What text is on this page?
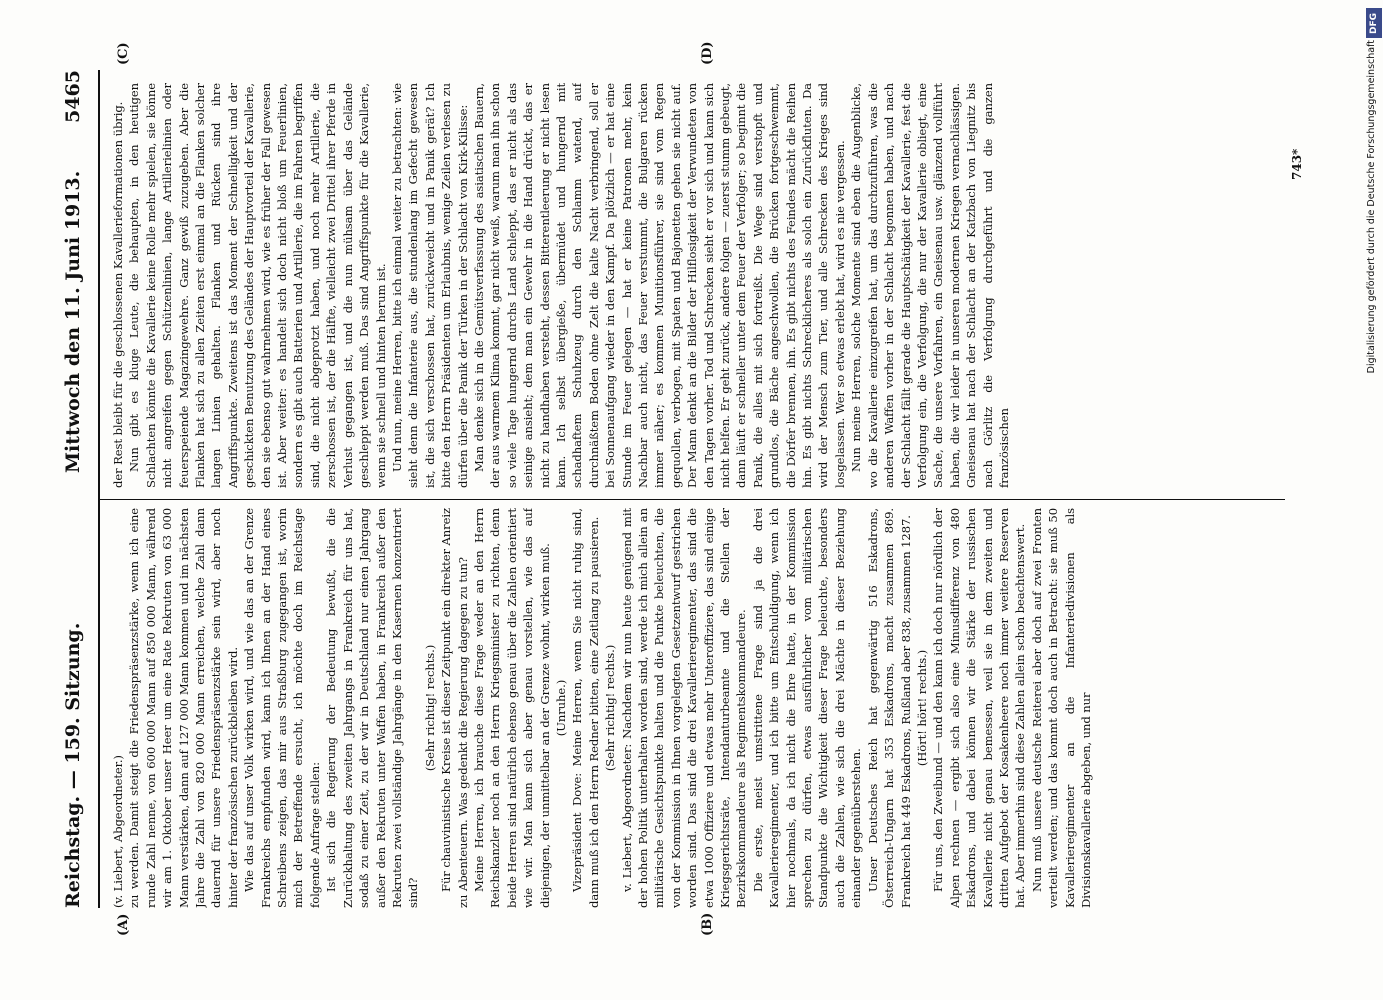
Reichstag. — 159. Sitzung.
Mittwoch den 11. Juni 1913.
5465
(A)	(B)
(C)	(D)

(v. Liebert, Abgeordneter.) zu werden. Damit steigt die Friedenspräsenzstärke, wenn ich eine runde Zahl nenne, von 600 000 Mann auf 850 000 Mann, während wir am 1. Oktober unser Heer um eine Rate Rekruten von 63 000 Mann verstärken, dann auf 127 000 Mann kommen und im nächsten Jahre die Zahl von 820 000 Mann erreichen, welche Zahl dann dauernd für unsere Friedenspräsenzstärke sein wird, aber noch hinter der französischen zurückbleiben wird. Wie das auf unser Volk wirken wird, und wie das an der Grenze Frankreichs empfunden wird, kann ich Ihnen an der Hand eines Schreibens zeigen, das mir aus Straßburg zugegangen ist, worin mich der Betreffende ersucht, ich möchte doch im Reichstage folgende Anfrage stellen: Ist sich die Regierung der Bedeutung bewußt, die die Zurückhaltung des zweiten Jahrgangs in Frankreich für uns hat, sodaß zu einer Zeit, zu der wir in Deutschland nur einen Jahrgang außer den Rekruten unter Waffen haben, in Frankreich außer den Rekruten zwei vollständige Jahrgänge in den Kasernen konzentriert sind?

(Sehr richtig! rechts.) Für chauvinistische Kreise ist dieser Zeitpunkt ein direkter Anreiz zu Abenteuern. Was gedenkt die Regierung dagegen zu tun? Meine Herren, ich brauche diese Frage weder an den Herrn Reichskanzler noch an den Herrn Kriegsminister zu richten, denn beide Herren sind natürlich ebenso genau über die Zahlen orientiert wie wir. Man kann sich aber genau vorstellen, wie das auf diejenigen, der unmittelbar an der Grenze wohnt, wirken muß. (Unruhe.) Vizepräsident Dove: Meine Herren, wenn Sie nicht ruhig sind, dann muß ich den Herrn Redner bitten, eine Zeitlang zu pausieren. (Sehr richtig! rechts.) v. Liebert, Abgeordneter: Nachdem wir nun heute genügend mit der hohen Politik unterhalten worden sind, werde ich mich allein an militärische Gesichtspunkte halten und die Punkte beleuchten, die von der Kommission in Ihnen vorgelegten Gesetzentwurf gestrichen worden sind. Das sind die drei Kavallerieregimenter, das sind die etwa 1000 Offiziere und etwas mehr Unteroffiziere, das sind einige Kriegsgerichtsräte, Intendanturbeamte und die Stellen der Bezirkskommandeure als Regimentskommandeure. Die erste, meist umstrittene Frage sind ja die drei Kavallerieregimenter, und ich bitte um Entschuldigung, wenn ich hier nochmals, da ich nicht die Ehre hatte, in der Kommission sprechen zu dürfen, etwas ausführlicher vom militärischen Standpunkte die Wichtigkeit dieser Frage beleuchte, besonders auch die Zahlen, wie sich die drei Mächte in dieser Beziehung einander gegenüberstehen. Unser Deutsches Reich hat gegenwärtig 516 Eskadrons, Österreich-Ungarn hat 353 Eskadrons, macht zusammen 869. Frankreich hat 449 Eskadrons, Rußland aber 838, zusammen 1287. (Hört! hört! rechts.) Für uns, den Zweibund — und den kann ich doch nur nördlich der Alpen rechnen — ergibt sich also eine Minusdifferenz von 480 Eskadrons, und dabei können wir die Stärke der russischen Kavallerie nicht genau bemessen, weil sie in dem zweiten und dritten Aufgebot der Kosakenheere noch immer weitere Reserven hat. Aber immerhin sind diese Zahlen allein schon beachtenswert. Nun muß unsere deutsche Reiterei aber doch auf zwei Fronten verteilt werden; und das kommt doch auch in Betracht: sie muß 50 Kavallerieregimenter an die Infanteriedivisionen als Divisionskavallerie abgeben, und nur

der Rest bleibt für die geschlossenen Kavallerieformationen übrig. Nun gibt es kluge Leute, die behaupten, in den heutigen Schlachten könnte die Kavallerie keine Rolle mehr spielen, sie könne nicht angreifen gegen Schützenlinien, lange Artillerielinien oder feuerspeiende Magazingewehre. Ganz gewiß zuzugeben. Aber die Flanken hat sich zu allen Zeiten erst einmal an die Flanken solcher langen Linien gehalten. Flanken und Rücken sind ihre Angriffspunkte. Zweitens ist das Moment der Schnelligkeit und der geschickten Benutzung des Geländes der Hauptvorteil der Kavallerie, den sie ebenso gut wahrnehmen wird, wie es früher der Fall gewesen ist. Aber weiter: es handelt sich doch nicht bloß um Feuerlinien, sondern es gibt auch Batterien und Artillerie, die im Fahren begriffen sind, die nicht abgeprotzt haben, und noch mehr Artillerie, die zerschossen ist, der die Hälfte, vielleicht zwei Drittel ihrer Pferde in Verlust gegangen ist, und die nun mühsam über das Gelände geschleppt werden muß. Das sind Angriffspunkte für die Kavallerie, wenn sie schnell und hinten herum ist. Und nun, meine Herren, bitte ich einmal weiter zu betrachten: wie sieht denn die Infanterie aus, die stundenlang im Gefecht gewesen ist, die sich verschossen hat, zurückweicht und in Panik gerät? Ich bitte den Herrn Präsidenten um Erlaubnis, wenige Zeilen verlesen zu dürfen über die Panik der Türken in der Schlacht von Kirk-Kilisse: Man denke sich in die Gemütsverfassung des asiatischen Bauern, der aus warmem Klima kommt, gar nicht weiß, warum man ihn schon so viele Tage hungernd durchs Land schleppt, das er nicht als das seinige ansieht; dem man ein Gewehr in die Hand drückt, das er nicht zu handhaben versteht, dessen Bitterentleerung er nicht lesen kann. Ich selbst übergieße, übermüdet und hungernd mit schadhaftem Schuhzeug durch den Schlamm watend, auf durchnäßtem Boden ohne Zelt die kalte Nacht verbringend, soll er bei Sonnenaufgang wieder in den Kampf. Da plötzlich — er hat eine Stunde im Feuer gelegen — hat er keine Patronen mehr, kein Nachbar auch nicht, das Feuer verstummt, die Bulgaren rücken immer näher; es kommen Munitionsführer, sie sind vom Regen gequollen, verbogen, mit Spaten und Bajonetten gehen sie nicht auf. Der Mann denkt an die Bilder der Hilflosigkeit der Verwundeten von den Tagen vorher. Tod und Schrecken sieht er vor sich und kann sich nicht helfen. Er geht zurück, andere folgen — zuerst stumm gebeugt, dann läuft er schneller unter dem Feuer der Verfolger; so beginnt die Panik, die alles mit sich fortreißt. Die Wege sind verstopft und grundlos, die Bäche angeschwollen, die Brücken fortgeschwemmt, die Dörfer brennen, ihn. Es gibt nichts des Feindes mächt die Reihen hin. Es gibt nichts Schrecklicheres als solch ein Zurückfluten. Da wird der Mensch zum Tier, und alle Schrecken des Krieges sind losgelassen. Wer so etwas erlebt hat, wird es nie vergessen. Nun meine Herren, solche Momente sind eben die Augenblicke, wo die Kavallerie einzugreifen hat, um das durchzuführen, was die anderen Waffen vorher in der Schlacht begonnen haben, und nach der Schlacht fällt gerade die Hauptschätigkeit der Kavallerie, fest die Verfolgung ein, die Verfolgung, die nur der Kavallerie obliegt, eine Sache, die unsere Vorfahren, ein Gneisenau usw. glänzend vollführt haben, die wir leider in unseren modernen Kriegen vernachlässigen. Gneisenau hat nach der Schlacht an der Katzbach von Liegnitz bis nach Görlitz die Verfolgung durchgeführt und die ganzen französischen

743*
DFG
Digitalisierung gefördert durch die Deutsche Forschungsgemeinschaft
